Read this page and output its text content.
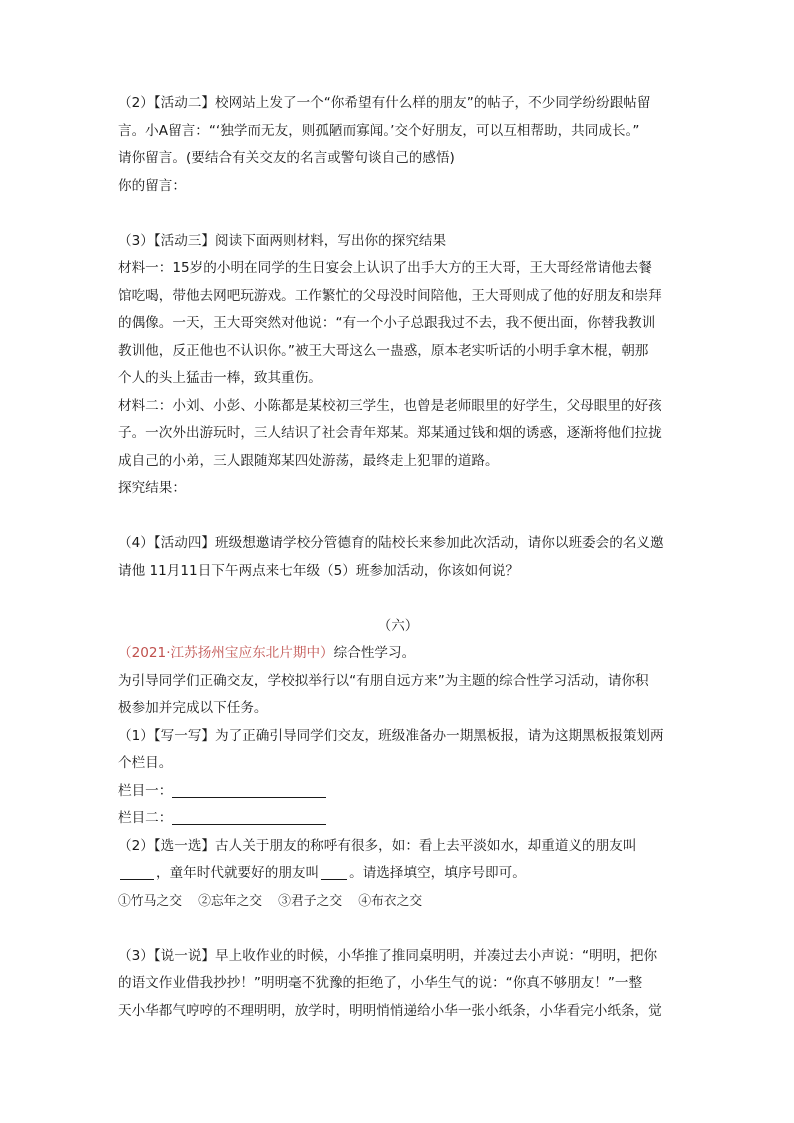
（2）【活动二】校网站上发了一个“你希望有什么样的朋友”的帖子，不少同学纷纷跟帖留
言。小A留言：“‘独学而无友，则孤陋而寡闻。’交个好朋友，可以互相帮助，共同成长。”
请你留言。(要结合有关交友的名言或警句谈自己的感悟)
你的留言：
（3）【活动三】阅读下面两则材料，写出你的探究结果
材料一：15岁的小明在同学的生日宴会上认识了出手大方的王大哥，王大哥经常请他去餐
馆吃喝，带他去网吧玩游戏。工作繁忙的父母没时间陪他，王大哥则成了他的好朋友和崇拜
的偶像。一天，王大哥突然对他说：“有一个小子总跟我过不去，我不便出面，你替我教训
教训他，反正他也不认识你。”被王大哥这么一蛊惑，原本老实听话的小明手拿木棍，朝那
个人的头上猛击一棒，致其重伤。
材料二：小刘、小彭、小陈都是某校初三学生，也曾是老师眼里的好学生，父母眼里的好孩
子。一次外出游玩时，三人结识了社会青年郑某。郑某通过钱和烟的诱惑，逐渐将他们拉拢
成自己的小弟，三人跟随郑某四处游荡，最终走上犯罪的道路。
探究结果：
（4）【活动四】班级想邀请学校分管德育的陆校长来参加此次活动，请你以班委会的名义邀
请他 11月11日下午两点来七年级（5）班参加活动，你该如何说？
（六）
（2021·江苏扬州宝应东北片期中）综合性学习。
为引导同学们正确交友，学校拟举行以“有朋自远方来”为主题的综合性学习活动，请你积
极参加并完成以下任务。
（1）【写一写】为了正确引导同学们交友，班级准备办一期黑板报，请为这期黑板报策划两
个栏目。
栏目一：
栏目二：
（2）【选一选】古人关于朋友的称呼有很多，如：看上去平淡如水，却重道义的朋友叫
，童年时代就要好的朋友叫 。请选择填空，填序号即可。
①竹马之交 ②忘年之交 ③君子之交 ④布衣之交
（3）【说一说】早上收作业的时候，小华推了推同桌明明，并凑过去小声说：“明明，把你
的语文作业借我抄抄！”明明毫不犹豫的拒绝了，小华生气的说：“你真不够朋友！”一整
天小华都气哼哼的不理明明，放学时，明明悄悄递给小华一张小纸条，小华看完小纸条，觉
